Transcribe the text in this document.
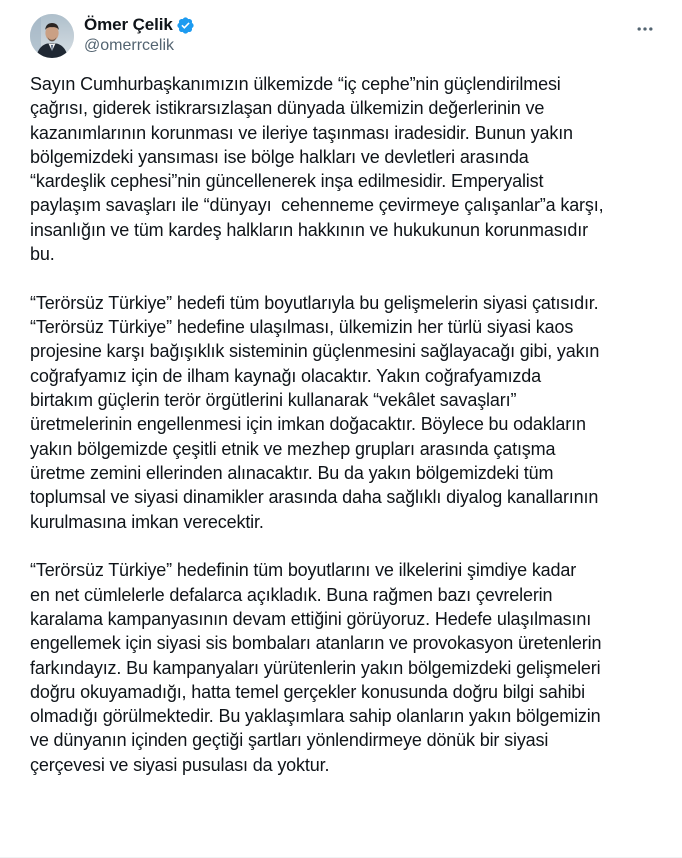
Ömer Çelik
@omerrcelik

Sayın Cumhurbaşkanımızın ülkemizde “iç cephe”nin güçlendirilmesi
çağrısı, giderek istikrarsızlaşan dünyada ülkemizin değerlerinin ve
kazanımlarının korunması ve ileriye taşınması iradesidir. Bunun yakın
bölgemizdeki yansıması ise bölge halkları ve devletleri arasında
“kardeşlik cephesi”nin güncellenerek inşa edilmesidir. Emperyalist
paylaşım savaşları ile “dünyayı  cehenneme çevirmeye çalışanlar”a karşı,
insanlığın ve tüm kardeş halkların hakkının ve hukukunun korunmasıdır
bu.

“Terörsüz Türkiye” hedefi tüm boyutlarıyla bu gelişmelerin siyasi çatısıdır.
“Terörsüz Türkiye” hedefine ulaşılması, ülkemizin her türlü siyasi kaos
projesine karşı bağışıklık sisteminin güçlenmesini sağlayacağı gibi, yakın
coğrafyamız için de ilham kaynağı olacaktır. Yakın coğrafyamızda
birtakım güçlerin terör örgütlerini kullanarak “vekâlet savaşları”
üretmelerinin engellenmesi için imkan doğacaktır. Böylece bu odakların
yakın bölgemizde çeşitli etnik ve mezhep grupları arasında çatışma
üretme zemini ellerinden alınacaktır. Bu da yakın bölgemizdeki tüm
toplumsal ve siyasi dinamikler arasında daha sağlıklı diyalog kanallarının
kurulmasına imkan verecektir.

“Terörsüz Türkiye” hedefinin tüm boyutlarını ve ilkelerini şimdiye kadar
en net cümlelerle defalarca açıkladık. Buna rağmen bazı çevrelerin
karalama kampanyasının devam ettiğini görüyoruz. Hedefe ulaşılmasını
engellemek için siyasi sis bombaları atanların ve provokasyon üretenlerin
farkındayız. Bu kampanyaları yürütenlerin yakın bölgemizdeki gelişmeleri
doğru okuyamadığı, hatta temel gerçekler konusunda doğru bilgi sahibi
olmadığı görülmektedir. Bu yaklaşımlara sahip olanların yakın bölgemizin
ve dünyanın içinden geçtiği şartları yönlendirmeye dönük bir siyasi
çerçevesi ve siyasi pusulası da yoktur.
